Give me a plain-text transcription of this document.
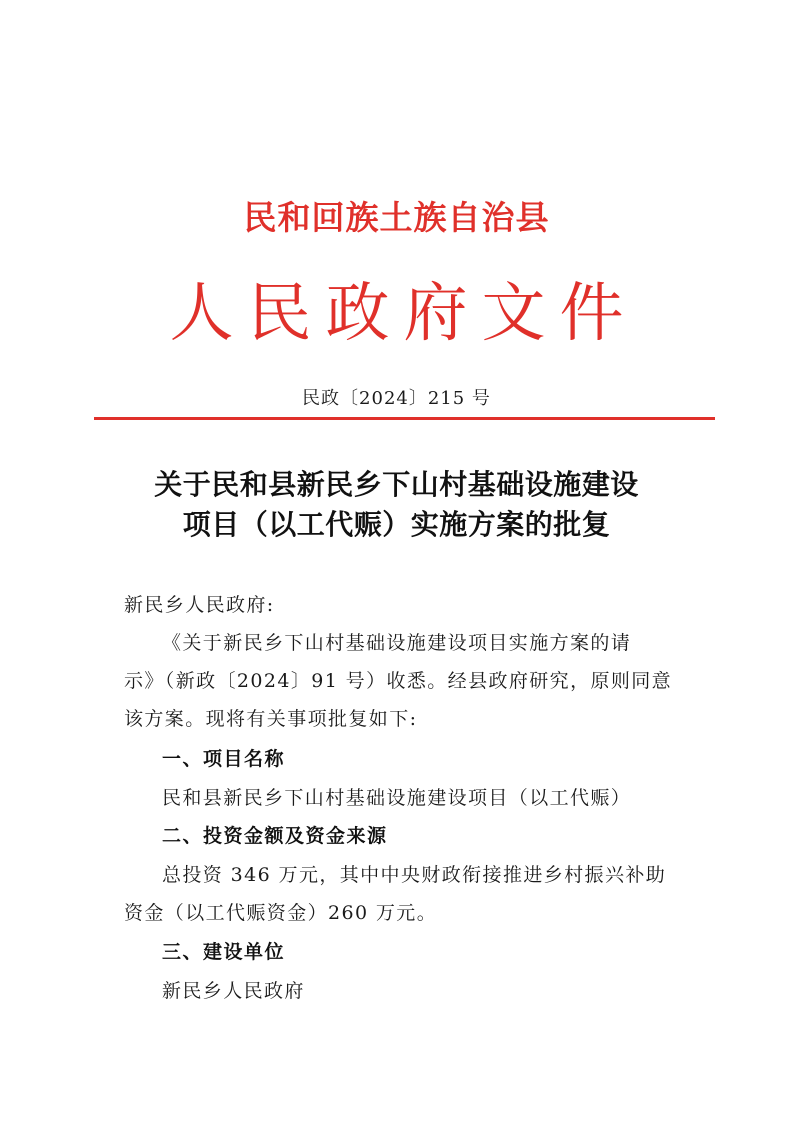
民和回族土族自治县
人民政府文件
民政〔2024〕215 号
关于民和县新民乡下山村基础设施建设
项目（以工代赈）实施方案的批复
新民乡人民政府:
《关于新民乡下山村基础设施建设项目实施方案的请
示》（新政〔2024〕91 号）收悉。经县政府研究，原则同意
该方案。现将有关事项批复如下:
一、项目名称
民和县新民乡下山村基础设施建设项目（以工代赈）
二、投资金额及资金来源
总投资 346 万元，其中中央财政衔接推进乡村振兴补助
资金（以工代赈资金）260 万元。
三、建设单位
新民乡人民政府
